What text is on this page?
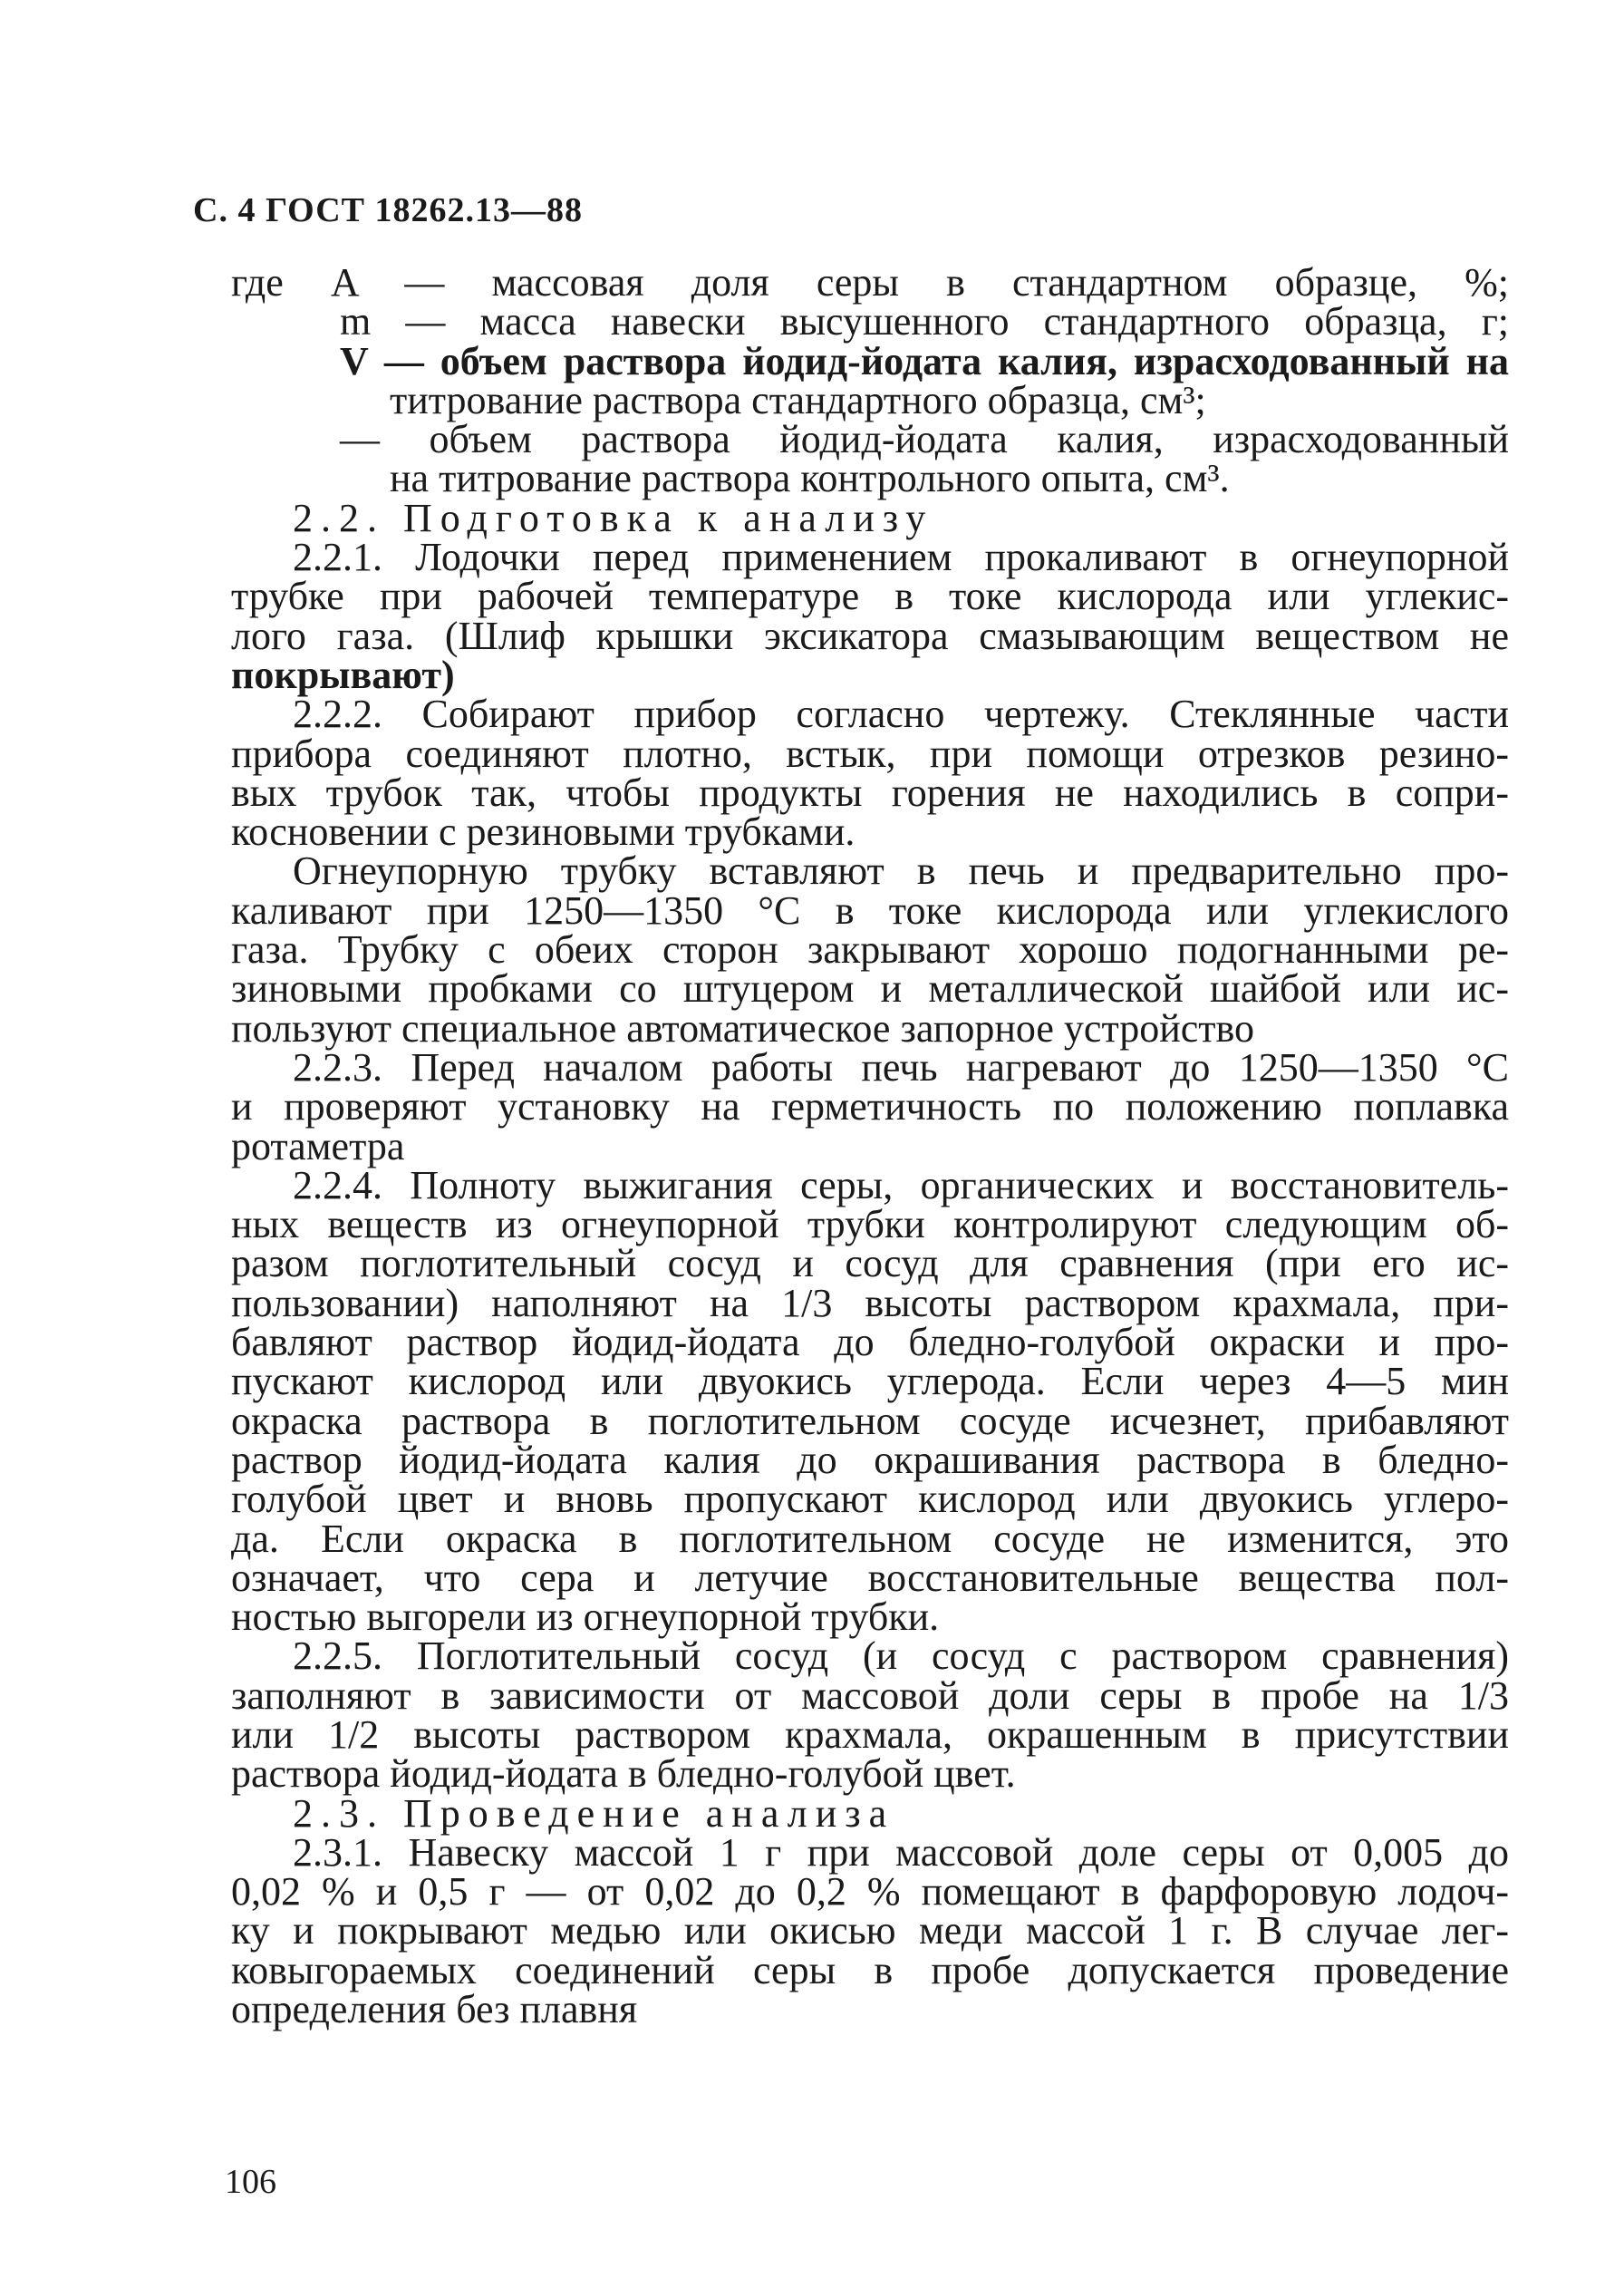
С. 4 ГОСТ 18262.13—88
где A — массовая доля серы в стандартном образце, %;
m — масса навески высушенного стандартного образца, г;
V — объем раствора йодид-йодата калия, израсходованный на
титрование раствора стандартного образца, см³;
— объем раствора йодид-йодата калия, израсходованный
на титрование раствора контрольного опыта, см³.
2.2. Подготовка к анализу
2.2.1. Лодочки перед применением прокаливают в огнеупорной
трубке при рабочей температуре в токе кислорода или углекис-
лого газа. (Шлиф крышки эксикатора смазывающим веществом не
покрывают)
2.2.2. Собирают прибор согласно чертежу. Стеклянные части
прибора соединяют плотно, встык, при помощи отрезков резино-
вых трубок так, чтобы продукты горения не находились в сопри-
косновении с резиновыми трубками.
Огнеупорную трубку вставляют в печь и предварительно про-
каливают при 1250—1350 °С в токе кислорода или углекислого
газа. Трубку с обеих сторон закрывают хорошо подогнанными ре-
зиновыми пробками со штуцером и металлической шайбой или ис-
пользуют специальное автоматическое запорное устройство
2.2.3. Перед началом работы печь нагревают до 1250—1350 °С
и проверяют установку на герметичность по положению поплавка
ротаметра
2.2.4. Полноту выжигания серы, органических и восстановитель-
ных веществ из огнеупорной трубки контролируют следующим об-
разом поглотительный сосуд и сосуд для сравнения (при его ис-
пользовании) наполняют на 1/3 высоты раствором крахмала, при-
бавляют раствор йодид-йодата до бледно-голубой окраски и про-
пускают кислород или двуокись углерода. Если через 4—5 мин
окраска раствора в поглотительном сосуде исчезнет, прибавляют
раствор йодид-йодата калия до окрашивания раствора в бледно-
голубой цвет и вновь пропускают кислород или двуокись углеро-
да. Если окраска в поглотительном сосуде не изменится, это
означает, что сера и летучие восстановительные вещества пол-
ностью выгорели из огнеупорной трубки.
2.2.5. Поглотительный сосуд (и сосуд с раствором сравнения)
заполняют в зависимости от массовой доли серы в пробе на 1/3
или 1/2 высоты раствором крахмала, окрашенным в присутствии
раствора йодид-йодата в бледно-голубой цвет.
2.3. Проведение анализа
2.3.1. Навеску массой 1 г при массовой доле серы от 0,005 до
0,02 % и 0,5 г — от 0,02 до 0,2 % помещают в фарфоровую лодоч-
ку и покрывают медью или окисью меди массой 1 г. В случае лег-
ковыгораемых соединений серы в пробе допускается проведение
определения без плавня
106
